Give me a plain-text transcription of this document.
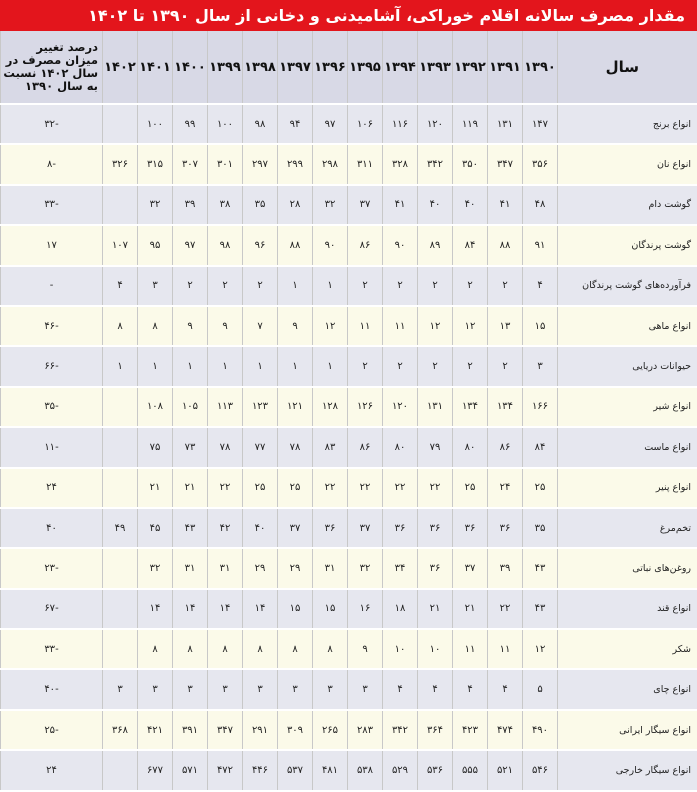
مقدار مصرف سالانه اقلام خوراکی، آشامیدنی و دخانی از سال ۱۳۹۰ تا ۱۴۰۲
سال	۱۳۹۰	۱۳۹۱	۱۳۹۲	۱۳۹۳	۱۳۹۴	۱۳۹۵	۱۳۹۶	۱۳۹۷	۱۳۹۸	۱۳۹۹	۱۴۰۰	۱۴۰۱	۱۴۰۲	درصد تغییر میزان مصرف در سال ۱۴۰۲ نسبت به سال ۱۳۹۰
انواع برنج	۱۴۷	۱۳۱	۱۱۹	۱۲۰	۱۱۶	۱۰۶	۹۷	۹۴	۹۸	۱۰۰	۹۹	۱۰۰		-۳۲
انواع نان	۳۵۶	۳۴۷	۳۵۰	۳۴۲	۳۲۸	۳۱۱	۲۹۸	۲۹۹	۲۹۷	۳۰۱	۳۰۷	۳۱۵	۳۲۶	-۸
گوشت دام	۴۸	۴۱	۴۰	۴۰	۴۱	۳۷	۳۲	۲۸	۳۵	۳۸	۳۹	۳۲		-۳۳
گوشت پرندگان	۹۱	۸۸	۸۴	۸۹	۹۰	۸۶	۹۰	۸۸	۹۶	۹۸	۹۷	۹۵	۱۰۷	۱۷
فرآورده‌های گوشت پرندگان	۴	۲	۲	۲	۲	۲	۱	۱	۲	۲	۲	۳	۴	-
انواع ماهی	۱۵	۱۳	۱۲	۱۲	۱۱	۱۱	۱۲	۹	۷	۹	۹	۸	۸	-۴۶
حیوانات دریایی	۳	۲	۲	۲	۲	۲	۱	۱	۱	۱	۱	۱	۱	-۶۶
انواع شیر	۱۶۶	۱۳۴	۱۳۴	۱۳۱	۱۲۰	۱۲۶	۱۲۸	۱۲۱	۱۲۳	۱۱۳	۱۰۵	۱۰۸		-۳۵
انواع ماست	۸۴	۸۶	۸۰	۷۹	۸۰	۸۶	۸۳	۷۸	۷۷	۷۸	۷۳	۷۵		-۱۱
انواع پنیر	۲۵	۲۴	۲۵	۲۲	۲۲	۲۲	۲۲	۲۵	۲۵	۲۲	۲۱	۲۱		۲۴
تخم‌مرغ	۳۵	۳۶	۳۶	۳۶	۳۶	۳۷	۳۶	۳۷	۴۰	۴۲	۴۳	۴۵	۴۹	۴۰
روغن‌های نباتی	۴۳	۳۹	۳۷	۳۶	۳۴	۳۲	۳۱	۲۹	۲۹	۳۱	۳۱	۳۲		-۲۳
انواع قند	۴۳	۲۲	۲۱	۲۱	۱۸	۱۶	۱۵	۱۵	۱۴	۱۴	۱۴	۱۴		-۶۷
شکر	۱۲	۱۱	۱۱	۱۰	۱۰	۹	۸	۸	۸	۸	۸	۸		-۳۳
انواع چای	۵	۴	۴	۴	۴	۳	۳	۳	۳	۳	۳	۳	۳	-۴۰
انواع سیگار ایرانی	۴۹۰	۴۷۴	۴۲۳	۳۶۴	۳۴۲	۲۸۳	۲۶۵	۳۰۹	۲۹۱	۳۴۷	۳۹۱	۴۲۱	۳۶۸	-۲۵
انواع سیگار خارجی	۵۴۶	۵۲۱	۵۵۵	۵۳۶	۵۲۹	۵۳۸	۴۸۱	۵۳۷	۴۴۶	۴۷۲	۵۷۱	۶۷۷		۲۴
